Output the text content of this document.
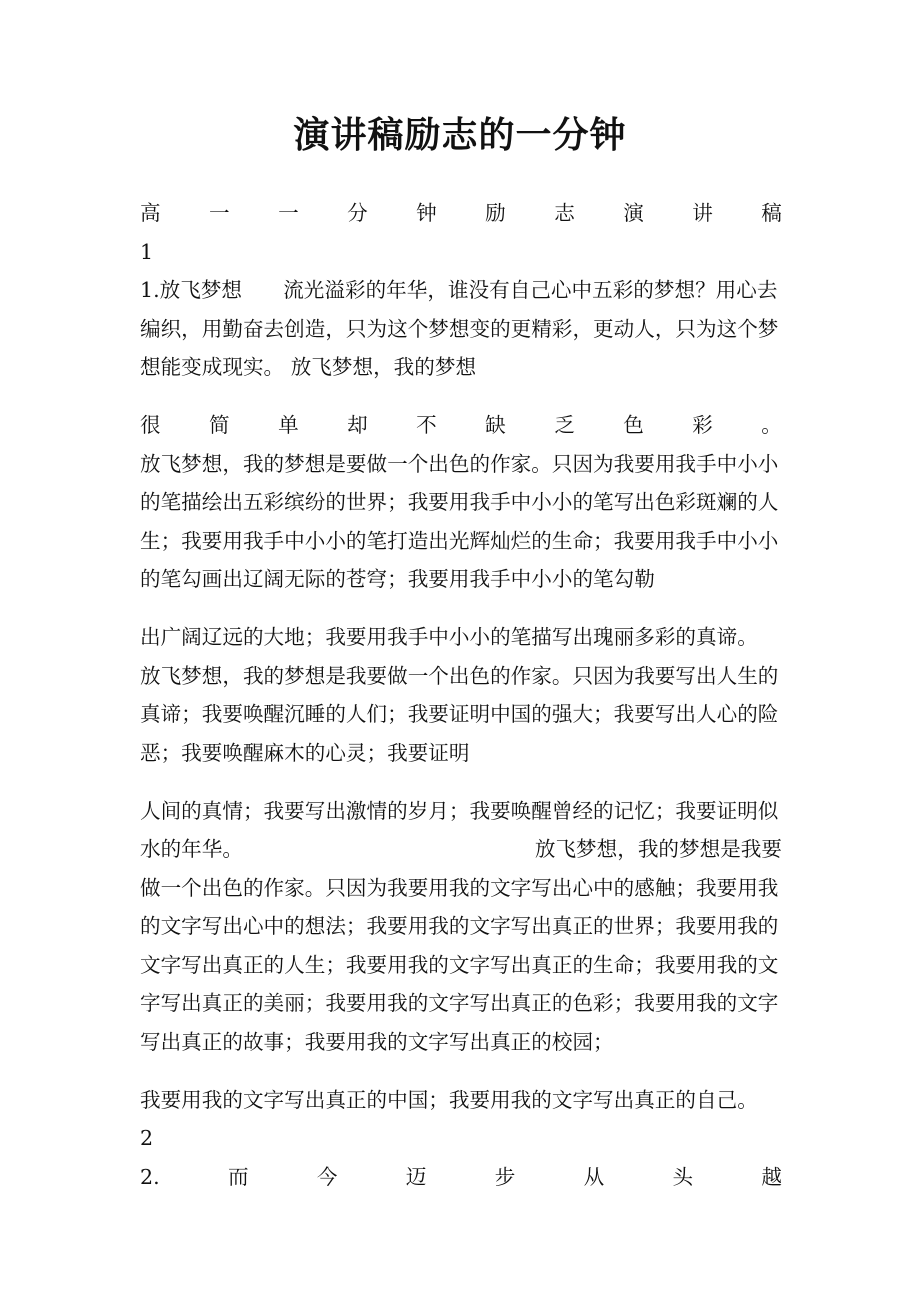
演讲稿励志的一分钟
高 一 一 分 钟 励 志 演 讲 稿
1
1.放飞梦想　　流光溢彩的年华，谁没有自己心中五彩的梦想？用心去
编织，用勤奋去创造，只为这个梦想变的更精彩，更动人，只为这个梦
想能变成现实。 放飞梦想，我的梦想
很 简 单 却 不 缺 乏 色 彩 。
放飞梦想，我的梦想是要做一个出色的作家。只因为我要用我手中小小
的笔描绘出五彩缤纷的世界；我要用我手中小小的笔写出色彩斑斓的人
生；我要用我手中小小的笔打造出光辉灿烂的生命；我要用我手中小小
的笔勾画出辽阔无际的苍穹；我要用我手中小小的笔勾勒
出广阔辽远的大地；我要用我手中小小的笔描写出瑰丽多彩的真谛。
放飞梦想，我的梦想是我要做一个出色的作家。只因为我要写出人生的
真谛；我要唤醒沉睡的人们；我要证明中国的强大；我要写出人心的险
恶；我要唤醒麻木的心灵；我要证明
人间的真情；我要写出激情的岁月；我要唤醒曾经的记忆；我要证明似
水的年华。	放飞梦想，我的梦想是我要
做一个出色的作家。只因为我要用我的文字写出心中的感触；我要用我
的文字写出心中的想法；我要用我的文字写出真正的世界；我要用我的
文字写出真正的人生；我要用我的文字写出真正的生命；我要用我的文
字写出真正的美丽；我要用我的文字写出真正的色彩；我要用我的文字
写出真正的故事；我要用我的文字写出真正的校园；
我要用我的文字写出真正的中国；我要用我的文字写出真正的自己。
2
2.	而	今	迈	步	从	头	越
